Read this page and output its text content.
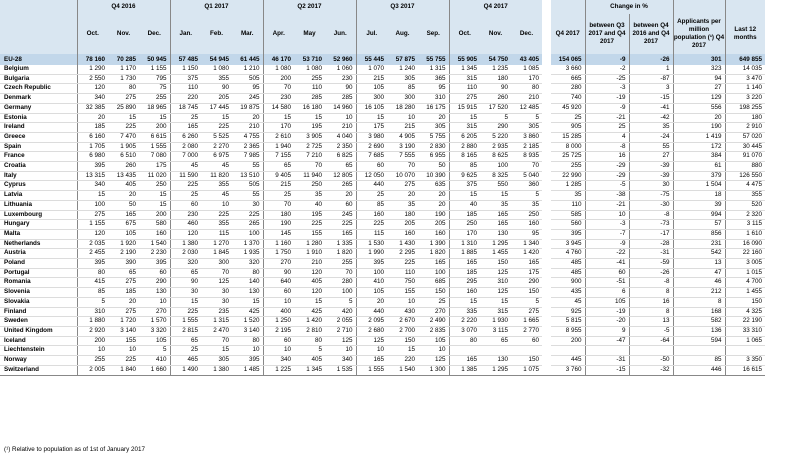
	Q4 2016			Q1 2017			Q2 2017			Q3 2017			Q4 2017					Change in %			
	Oct.	Nov.	Dec.	Jan.	Feb.	Mar.	Apr.	May	Jun.	Jul.	Aug.	Sep.	Oct.	Nov.	Dec.		Q4 2017	between Q3 2017 and Q4 2017	between Q4 2016 and Q4 2017	Applicants per million population (¹) Q4 2017	Last 12 months
EU-28	78 160	70 285	50 945	57 485	54 945	61 445	46 170	53 710	52 960	55 445	57 875	55 755	55 905	54 750	43 405		154 065	-9	-26	301	649 855
Belgium	1 290	1 170	1 155	1 150	1 080	1 210	1 080	1 080	1 060	1 070	1 240	1 315	1 345	1 235	1 085		3 660	-2	1	323	14 035
Bulgaria	2 550	1 730	795	375	355	505	200	255	230	215	305	365	315	180	170		665	-25	-87	94	3 470
Czech Republic	120	80	75	110	90	95	70	110	90	105	85	95	110	90	80		280	-3	3	27	1 140
Denmark	340	275	255	220	205	245	230	285	285	300	300	310	275	260	210		740	-19	-15	129	3 220
Germany	32 385	25 890	18 965	18 745	17 445	19 875	14 580	16 180	14 960	16 105	18 280	16 175	15 915	17 520	12 485		45 920	-9	-41	556	198 255
Estonia	20	15	15	25	15	20	15	15	10	15	10	20	15	5	5		25	-21	-42	20	180
Ireland	185	225	200	165	225	210	170	195	210	175	215	305	315	290	305		905	25	35	190	2 910
Greece	6 160	7 470	6 615	6 260	5 525	4 755	2 610	3 905	4 040	3 980	4 905	5 755	6 205	5 220	3 860		15 285	4	-24	1 419	57 020
Spain	1 705	1 905	1 555	2 080	2 270	2 365	1 940	2 725	2 350	2 690	3 190	2 830	2 880	2 935	2 185		8 000	-8	55	172	30 445
France	6 980	6 510	7 080	7 000	6 975	7 985	7 155	7 210	6 825	7 685	7 555	6 955	8 165	8 625	8 935		25 725	16	27	384	91 070
Croatia	395	260	175	45	45	55	65	70	65	60	70	50	85	100	70		255	-29	-39	61	880
Italy	13 315	13 435	11 020	11 590	11 820	13 510	9 405	11 940	12 805	12 050	10 070	10 390	9 625	8 325	5 040		22 990	-29	-39	379	126 550
Cyprus	340	405	250	225	355	505	215	250	265	440	275	635	375	550	360		1 285	-5	30	1 504	4 475
Latvia	15	20	15	25	45	55	25	35	20	25	20	20	15	15	5		35	-38	-75	18	355
Lithuania	100	50	15	60	10	30	70	40	60	85	35	20	40	35	35		110	-21	-30	39	520
Luxembourg	275	165	200	230	225	225	180	195	245	160	180	190	185	165	250		585	10	-8	994	2 320
Hungary	1 155	675	580	460	355	265	190	225	225	225	205	205	250	165	160		560	-3	-73	57	3 115
Malta	120	105	160	120	115	100	145	155	165	115	160	160	170	130	95		395	-7	-17	856	1 610
Netherlands	2 035	1 920	1 540	1 380	1 270	1 370	1 160	1 280	1 335	1 530	1 430	1 390	1 310	1 295	1 340		3 945	-9	-28	231	16 090
Austria	2 455	2 190	2 230	2 030	1 845	1 935	1 750	1 910	1 820	1 990	2 295	1 820	1 885	1 455	1 420		4 760	-22	-31	542	22 160
Poland	395	390	395	320	300	320	270	210	255	395	225	165	165	150	165		485	-41	-59	13	3 005
Portugal	80	65	60	65	70	80	90	120	70	100	110	100	185	125	175		485	60	-26	47	1 015
Romania	415	275	290	90	125	140	640	405	280	410	750	685	295	310	290		900	-51	-8	46	4 700
Slovenia	85	185	130	30	30	130	60	120	100	105	155	150	160	125	150		435	6	8	212	1 455
Slovakia	5	20	10	15	30	15	10	15	5	20	10	25	15	15	5		45	105	16	8	150
Finland	310	275	270	225	235	425	400	425	420	440	430	270	335	315	275		925	-19	8	168	4 325
Sweden	1 880	1 720	1 570	1 555	1 315	1 520	1 250	1 420	2 055	2 095	2 670	2 490	2 220	1 930	1 665		5 815	-20	13	582	22 190
United Kingdom	2 920	3 140	3 320	2 815	2 470	3 140	2 195	2 810	2 710	2 680	2 700	2 835	3 070	3 115	2 770		8 955	9	-5	136	33 310
Iceland	200	155	105	65	70	80	60	80	125	125	150	105	80	65	60		200	-47	-64	594	1 065
Liechtenstein	10	10	5	25	15	10	10	5	10	10	15	10									
Norway	255	225	410	465	305	395	340	405	340	165	220	125	165	130	150		445	-31	-50	85	3 350
Switzerland	2 005	1 840	1 660	1 490	1 380	1 485	1 225	1 345	1 535	1 555	1 540	1 300	1 385	1 295	1 075		3 760	-15	-32	446	16 615
(¹) Relative to population as of 1st of January 2017
